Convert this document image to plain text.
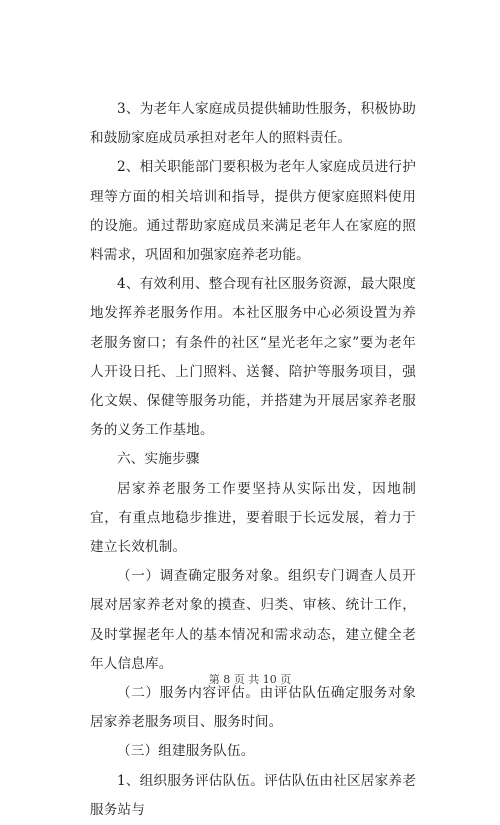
3、为老年人家庭成员提供辅助性服务，积极协助和鼓励家庭成员承担对老年人的照料责任。

2、相关职能部门要积极为老年人家庭成员进行护理等方面的相关培训和指导，提供方便家庭照料使用的设施。通过帮助家庭成员来满足老年人在家庭的照料需求，巩固和加强家庭养老功能。

4、有效利用、整合现有社区服务资源，最大限度地发挥养老服务作用。本社区服务中心必须设置为养老服务窗口；有条件的社区“星光老年之家”要为老年人开设日托、上门照料、送餐、陪护等服务项目，强化文娱、保健等服务功能，并搭建为开展居家养老服务的义务工作基地。

六、实施步骤

居家养老服务工作要坚持从实际出发，因地制宜，有重点地稳步推进，要着眼于长远发展，着力于建立长效机制。

（一）调查确定服务对象。组织专门调查人员开展对居家养老对象的摸查、归类、审核、统计工作，及时掌握老年人的基本情况和需求动态，建立健全老年人信息库。

（二）服务内容评估。由评估队伍确定服务对象居家养老服务项目、服务时间。

（三）组建服务队伍。

1、组织服务评估队伍。评估队伍由社区居家养老服务站与

第 8 页 共 10 页
